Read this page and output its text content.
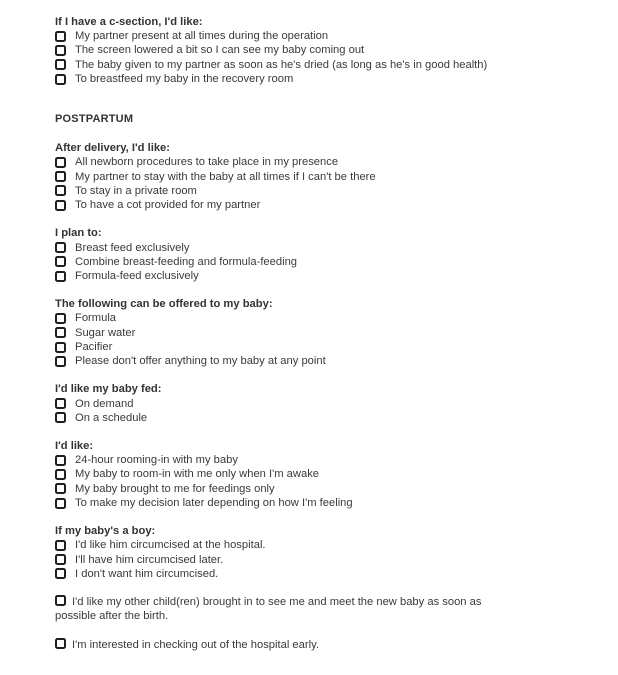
If I have a c-section, I'd like:

My partner present at all times during the operation
The screen lowered a bit so I can see my baby coming out
The baby given to my partner as soon as he's dried (as long as he's in good health)
To breastfeed my baby in the recovery room

POSTPARTUM

After delivery, I'd like:

All newborn procedures to take place in my presence
My partner to stay with the baby at all times if I can't be there
To stay in a private room
To have a cot provided for my partner

I plan to:

Breast feed exclusively
Combine breast-feeding and formula-feeding
Formula-feed exclusively

The following can be offered to my baby:

Formula
Sugar water
Pacifier
Please don't offer anything to my baby at any point

I'd like my baby fed:

On demand
On a schedule

I'd like:

24-hour rooming-in with my baby
My baby to room-in with me only when I'm awake
My baby brought to me for feedings only
To make my decision later depending on how I'm feeling

If my baby's a boy:

I'd like him circumcised at the hospital.
I'll have him circumcised later.
I don't want him circumcised.
I'd like my other child(ren) brought in to see me and meet the new baby as soon as possible after the birth.
I'm interested in checking out of the hospital early.
